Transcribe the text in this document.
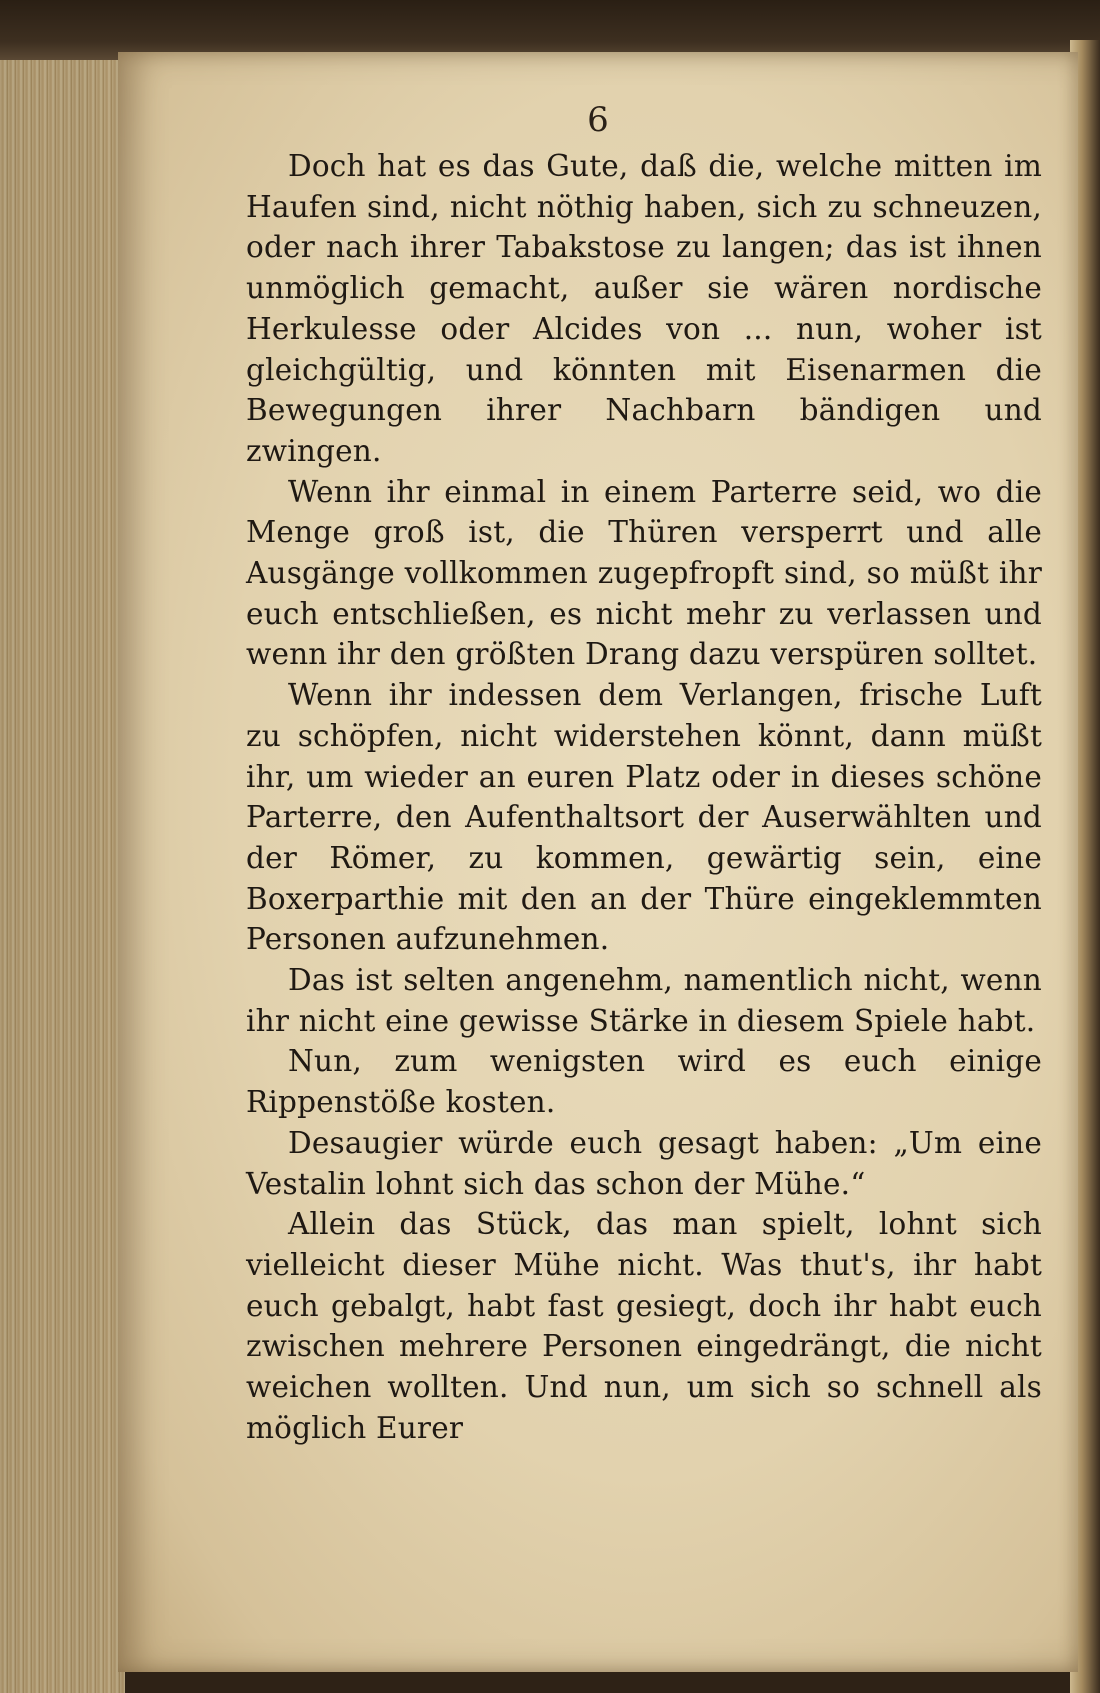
6

Doch hat es das Gute, daß die, welche mitten im Haufen sind, nicht nöthig haben, sich zu schneuzen, oder nach ihrer Tabakstose zu langen; das ist ihnen unmöglich gemacht, außer sie wären nordische Herkulesse oder Alcides von ... nun, woher ist gleichgültig, und könnten mit Eisenarmen die Bewegungen ihrer Nachbarn bändigen und zwingen.

Wenn ihr einmal in einem Parterre seid, wo die Menge groß ist, die Thüren versperrt und alle Ausgänge vollkommen zugepfropft sind, so müßt ihr euch entschließen, es nicht mehr zu verlassen und wenn ihr den größten Drang dazu verspüren solltet.

Wenn ihr indessen dem Verlangen, frische Luft zu schöpfen, nicht widerstehen könnt, dann müßt ihr, um wieder an euren Platz oder in dieses schöne Parterre, den Aufenthaltsort der Auserwählten und der Römer, zu kommen, gewärtig sein, eine Boxerparthie mit den an der Thüre eingeklemmten Personen aufzunehmen.

Das ist selten angenehm, namentlich nicht, wenn ihr nicht eine gewisse Stärke in diesem Spiele habt.

Nun, zum wenigsten wird es euch einige Rippenstöße kosten.

Desaugier würde euch gesagt haben: „Um eine Vestalin lohnt sich das schon der Mühe.“

Allein das Stück, das man spielt, lohnt sich vielleicht dieser Mühe nicht. Was thut's, ihr habt euch gebalgt, habt fast gesiegt, doch ihr habt euch zwischen mehrere Personen eingedrängt, die nicht weichen wollten. Und nun, um sich so schnell als möglich Eurer
